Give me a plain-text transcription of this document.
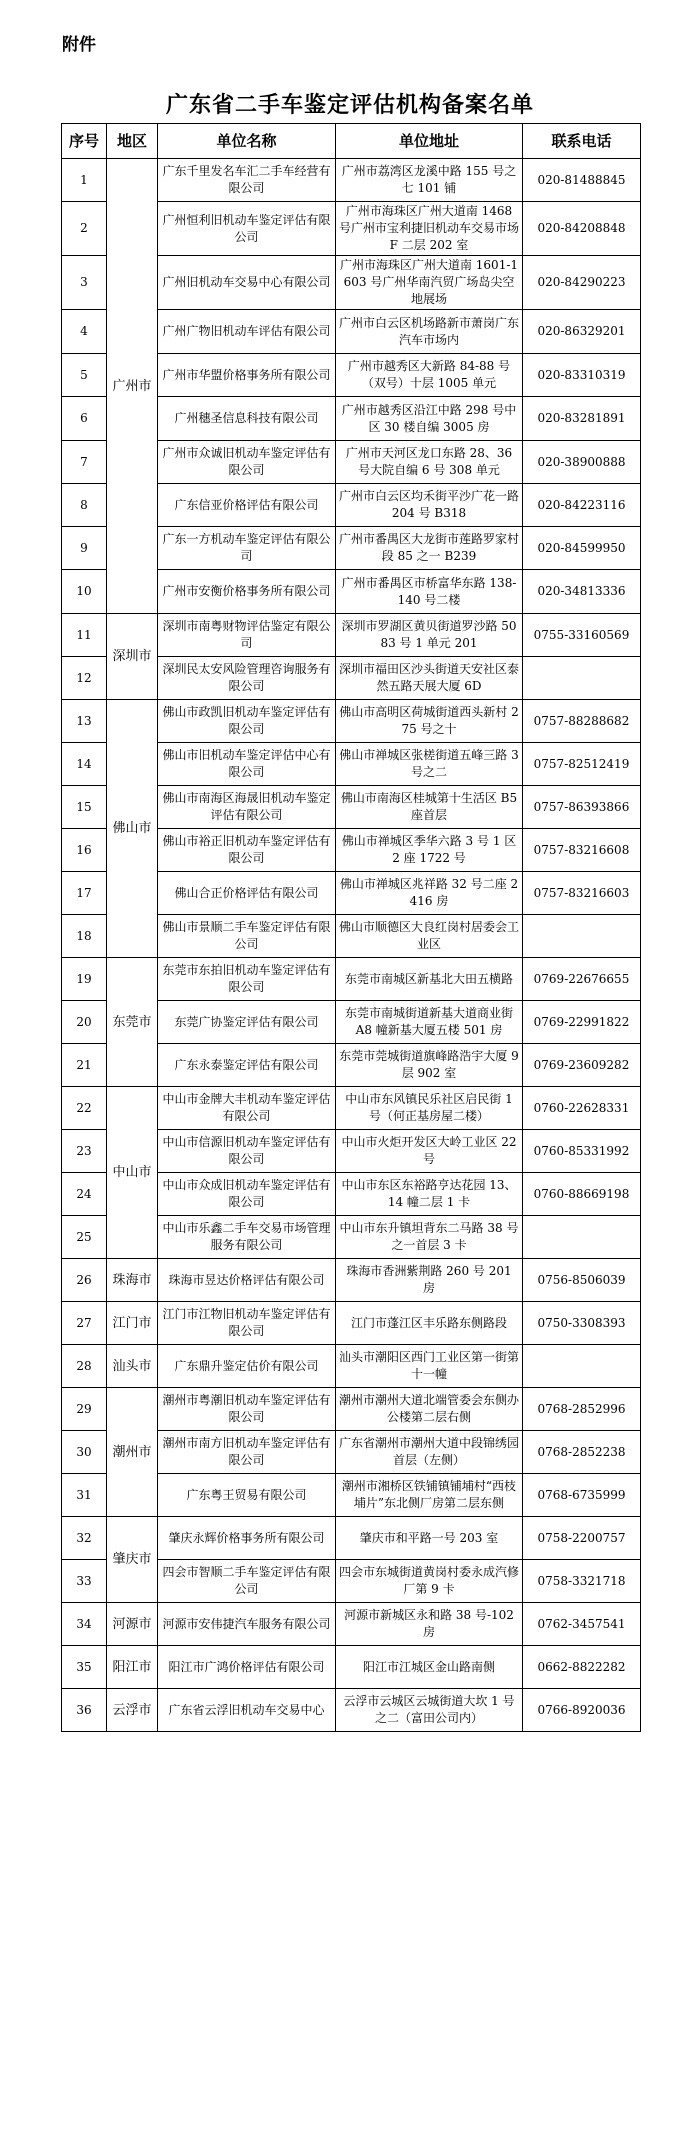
附件
广东省二手车鉴定评估机构备案名单
序号	地区	单位名称	单位地址	联系电话
1	广州市	广东千里发名车汇二手车经营有限公司	广州市荔湾区龙溪中路 155 号之七 101 铺	020-81488845
2		广州恒利旧机动车鉴定评估有限公司	广州市海珠区广州大道南 1468 号广州市宝利捷旧机动车交易市场 F 二层 202 室	020-84208848
3		广州旧机动车交易中心有限公司	广州市海珠区广州大道南 1601-1603 号广州华南汽贸广场岛尖空地展场	020-84290223
4		广州广物旧机动车评估有限公司	广州市白云区机场路新市萧岗广东汽车市场内	020-86329201
5		广州市华盟价格事务所有限公司	广州市越秀区大新路 84-88 号（双号）十层 1005 单元	020-83310319
6		广州穗圣信息科技有限公司	广州市越秀区沿江中路 298 号中区 30 楼自编 3005 房	020-83281891
7		广州市众诚旧机动车鉴定评估有限公司	广州市天河区龙口东路 28、36 号大院自编 6 号 308 单元	020-38900888
8		广东信亚价格评估有限公司	广州市白云区均禾街平沙广花一路 204 号 B318	020-84223116
9		广东一方机动车鉴定评估有限公司	广州市番禺区大龙街市莲路罗家村段 85 之一 B239	020-84599950
10		广州市安衡价格事务所有限公司	广州市番禺区市桥富华东路 138-140 号二楼	020-34813336
11	深圳市	深圳市南粤财物评估鉴定有限公司	深圳市罗湖区黄贝街道罗沙路 5083 号 1 单元 201	0755-33160569
12		深圳民太安风险管理咨询服务有限公司	深圳市福田区沙头街道天安社区泰然五路天展大厦 6D	
13	佛山市	佛山市政凯旧机动车鉴定评估有限公司	佛山市高明区荷城街道西头新村 275 号之十	0757-88288682
14		佛山市旧机动车鉴定评估中心有限公司	佛山市禅城区张槎街道五峰三路 3 号之二	0757-82512419
15		佛山市南海区海晟旧机动车鉴定评估有限公司	佛山市南海区桂城第十生活区 B5 座首层	0757-86393866
16		佛山市裕正旧机动车鉴定评估有限公司	佛山市禅城区季华六路 3 号 1 区 2 座 1722 号	0757-83216608
17		佛山合正价格评估有限公司	佛山市禅城区兆祥路 32 号二座 2416 房	0757-83216603
18		佛山市景顺二手车鉴定评估有限公司	佛山市顺德区大良红岗村居委会工业区	
19	东莞市	东莞市东拍旧机动车鉴定评估有限公司	东莞市南城区新基北大田五横路	0769-22676655
20		东莞广协鉴定评估有限公司	东莞市南城街道新基大道商业街 A8 幢新基大厦五楼 501 房	0769-22991822
21		广东永泰鉴定评估有限公司	东莞市莞城街道旗峰路浩宇大厦 9 层 902 室	0769-23609282
22	中山市	中山市金牌大丰机动车鉴定评估有限公司	中山市东风镇民乐社区启民街 1 号（何正基房屋二楼）	0760-22628331
23		中山市信源旧机动车鉴定评估有限公司	中山市火炬开发区大岭工业区 22 号	0760-85331992
24		中山市众成旧机动车鉴定评估有限公司	中山市东区东裕路亨达花园 13、14 幢二层 1 卡	0760-88669198
25		中山市乐鑫二手车交易市场管理服务有限公司	中山市东升镇坦背东二马路 38 号之一首层 3 卡	
26	珠海市	珠海市昱达价格评估有限公司	珠海市香洲紫荆路 260 号 201 房	0756-8506039
27	江门市	江门市江物旧机动车鉴定评估有限公司	江门市蓬江区丰乐路东侧路段	0750-3308393
28	汕头市	广东鼎升鉴定估价有限公司	汕头市潮阳区西门工业区第一街第十一幢	
29	潮州市	潮州市粤潮旧机动车鉴定评估有限公司	潮州市潮州大道北端管委会东侧办公楼第二层右侧	0768-2852996
30		潮州市南方旧机动车鉴定评估有限公司	广东省潮州市潮州大道中段锦绣园首层（左侧）	0768-2852238
31		广东粤王贸易有限公司	潮州市湘桥区铁铺镇铺埔村“西枝埔片”东北侧厂房第二层东侧	0768-6735999
32	肇庆市	肇庆永辉价格事务所有限公司	肇庆市和平路一号 203 室	0758-2200757
33		四会市智顺二手车鉴定评估有限公司	四会市东城街道黄岗村委永成汽修厂第 9 卡	0758-3321718
34	河源市	河源市安伟捷汽车服务有限公司	河源市新城区永和路 38 号-102 房	0762-3457541
35	阳江市	阳江市广鸿价格评估有限公司	阳江市江城区金山路南侧	0662-8822282
36	云浮市	广东省云浮旧机动车交易中心	云浮市云城区云城街道大坎 1 号之二（富田公司内）	0766-8920036
